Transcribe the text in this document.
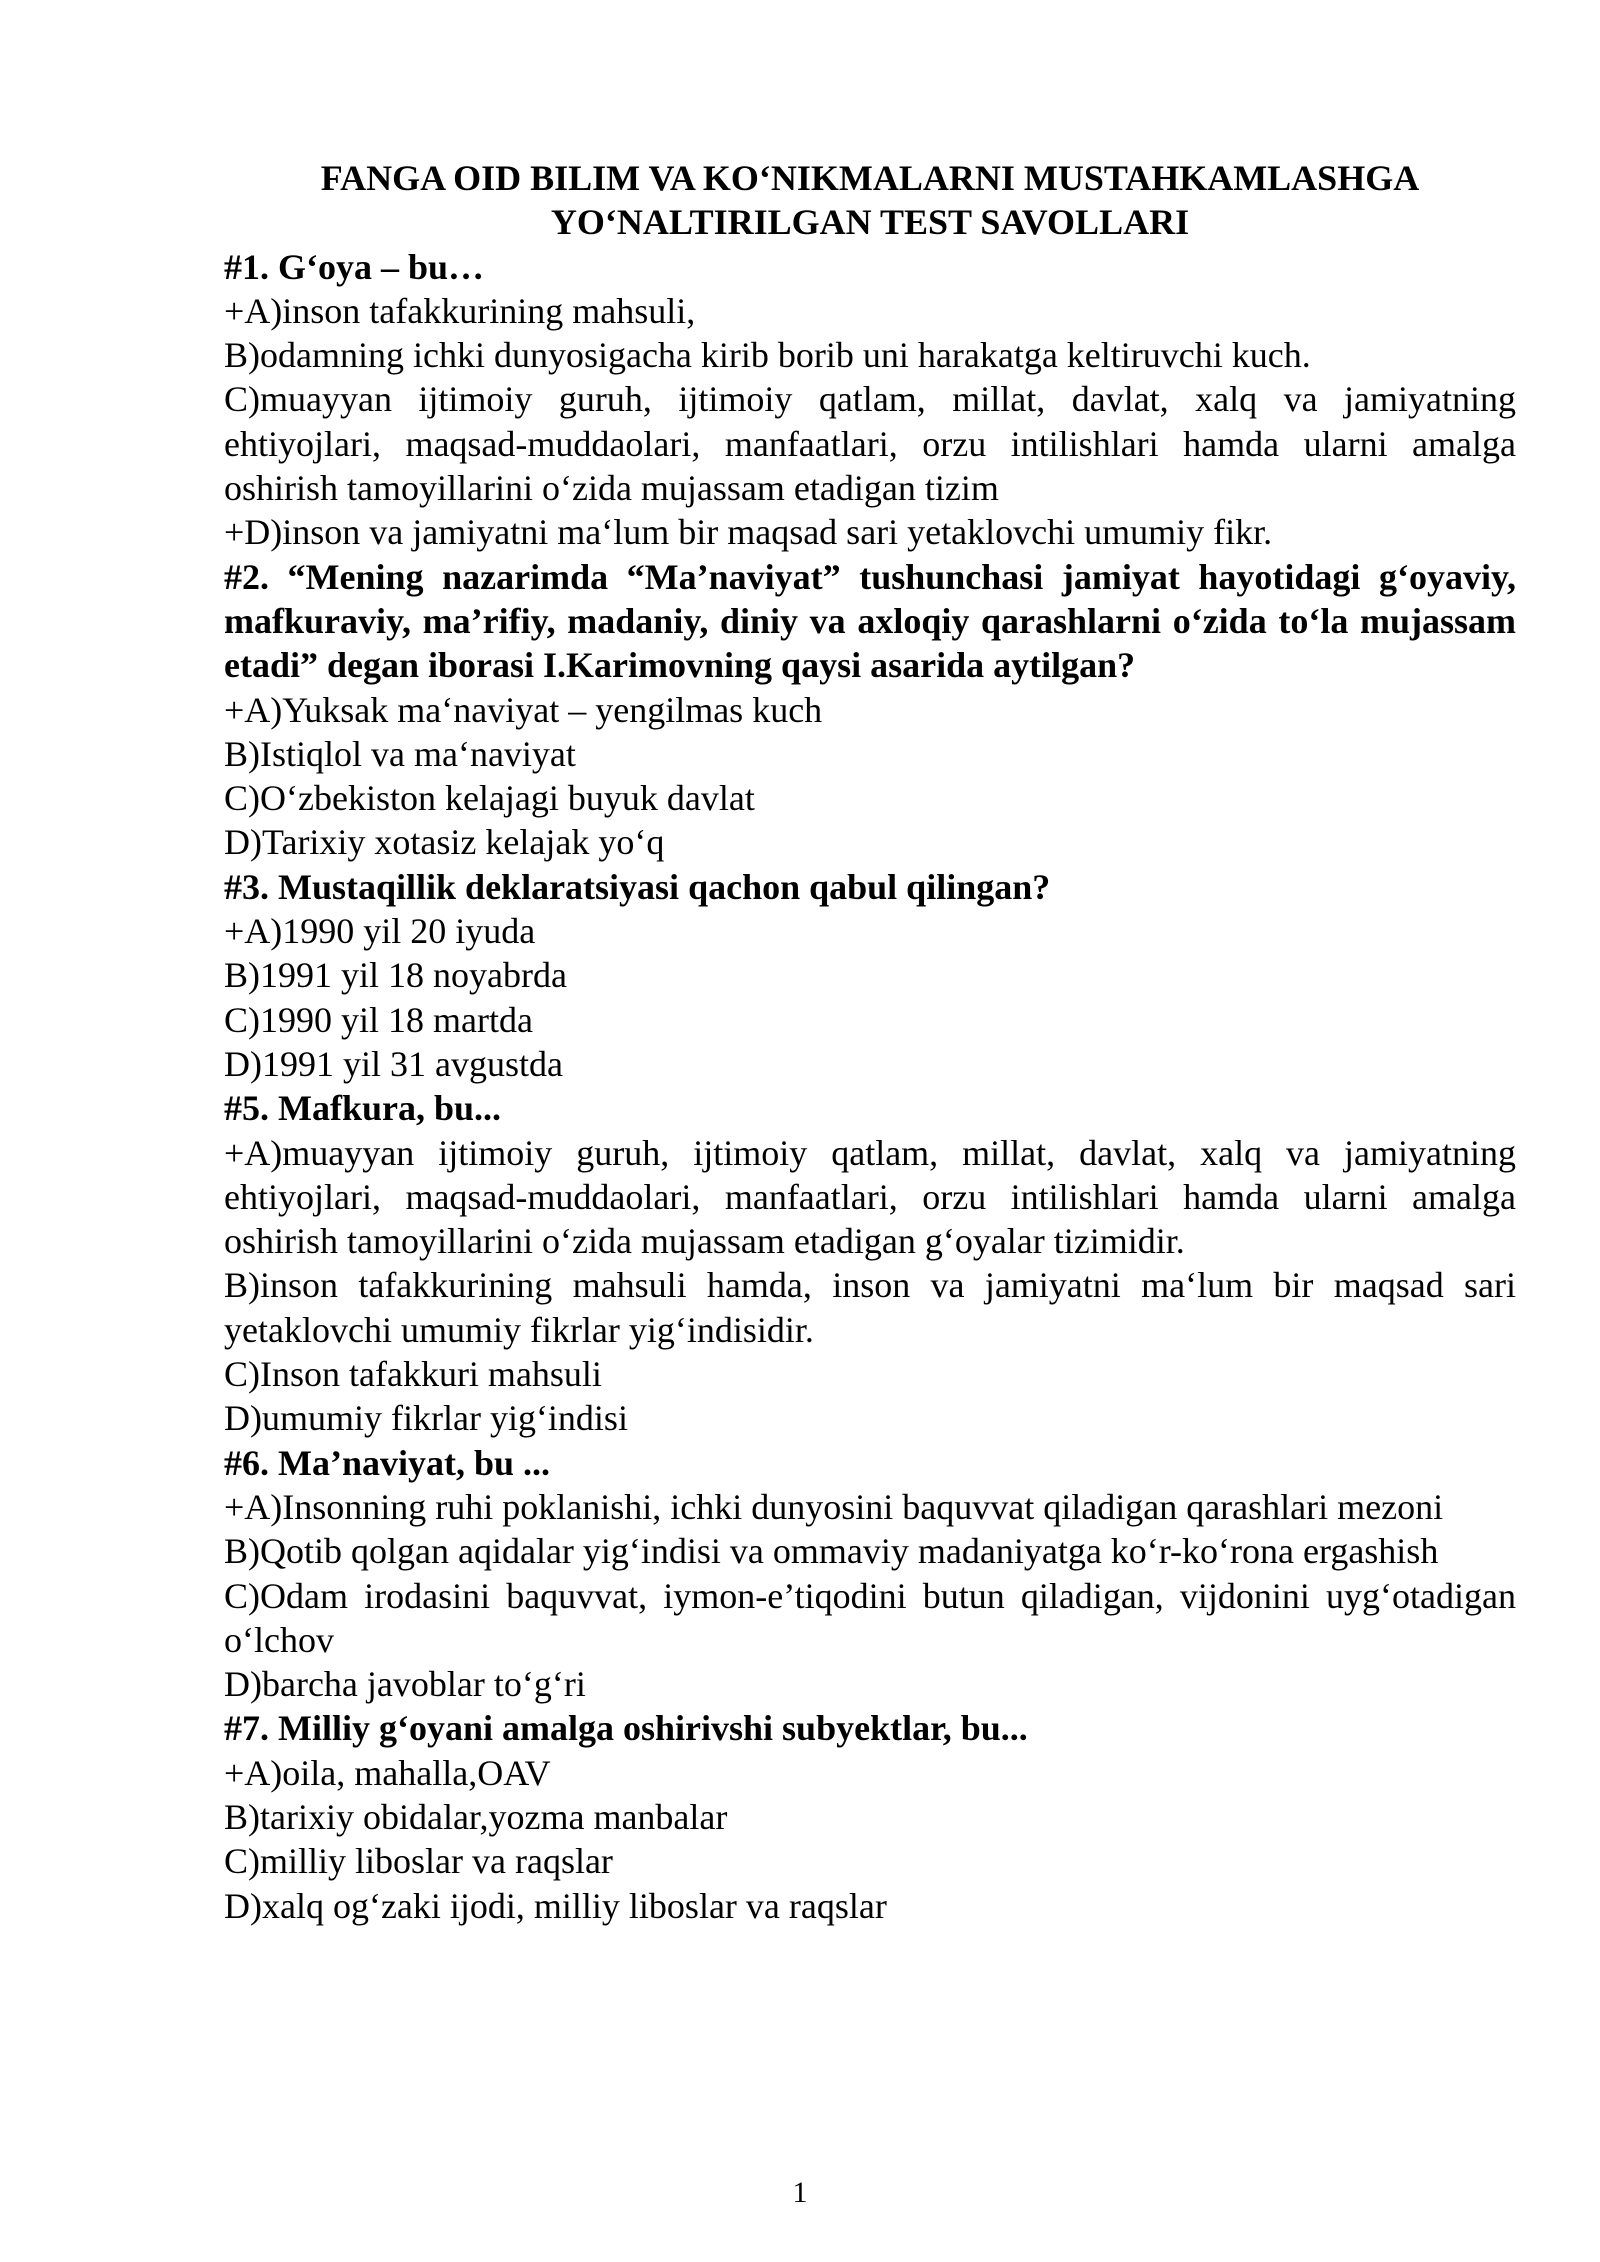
FANGA OID BILIM VA KO‘NIKMALARNI MUSTAHKAMLASHGA
YO‘NALTIRILGAN TEST SAVOLLARI

#1. G‘oya – bu…

+A)inson tafakkurining mahsuli,

B)odamning ichki dunyosigacha kirib borib uni harakatga keltiruvchi kuch.

C)muayyan ijtimoiy guruh, ijtimoiy qatlam, millat, davlat, xalq va jamiyatning ehtiyojlari, maqsad-muddaolari, manfaatlari, orzu intilishlari hamda ularni amalga oshirish tamoyillarini o‘zida mujassam etadigan tizim

+D)inson va jamiyatni ma‘lum bir maqsad sari yetaklovchi umumiy fikr.

#2. “Mening nazarimda “Ma’naviyat” tushunchasi jamiyat hayotidagi g‘oyaviy, mafkuraviy, ma’rifiy, madaniy, diniy va axloqiy qarashlarni o‘zida to‘la mujassam etadi” degan iborasi I.Karimovning qaysi asarida aytilgan?

+A)Yuksak ma‘naviyat – yengilmas kuch

B)Istiqlol va ma‘naviyat

C)O‘zbekiston kelajagi buyuk davlat

D)Tarixiy xotasiz kelajak yo‘q

#3. Mustaqillik deklaratsiyasi qachon qabul qilingan?

+A)1990 yil 20 iyuda

B)1991 yil 18 noyabrda

C)1990 yil 18 martda

D)1991 yil 31 avgustda

#5. Mafkura, bu...

+A)muayyan ijtimoiy guruh, ijtimoiy qatlam, millat, davlat, xalq va jamiyatning ehtiyojlari, maqsad-muddaolari, manfaatlari, orzu intilishlari hamda ularni amalga oshirish tamoyillarini o‘zida mujassam etadigan g‘oyalar tizimidir.

B)inson tafakkurining mahsuli hamda, inson va jamiyatni ma‘lum bir maqsad sari yetaklovchi umumiy fikrlar yig‘indisidir.

C)Inson tafakkuri mahsuli

D)umumiy fikrlar yig‘indisi

#6. Ma’naviyat, bu ...

+A)Insonning ruhi poklanishi, ichki dunyosini baquvvat qiladigan qarashlari mezoni

B)Qotib qolgan aqidalar yig‘indisi va ommaviy madaniyatga ko‘r-ko‘rona ergashish

C)Odam irodasini baquvvat, iymon-e’tiqodini butun qiladigan, vijdonini uyg‘otadigan o‘lchov

D)barcha javoblar to‘g‘ri

#7. Milliy g‘oyani amalga oshirivshi subyektlar, bu...

+A)oila, mahalla,OAV

B)tarixiy obidalar,yozma manbalar

C)milliy liboslar va raqslar

D)xalq og‘zaki ijodi, milliy liboslar va raqslar

1
